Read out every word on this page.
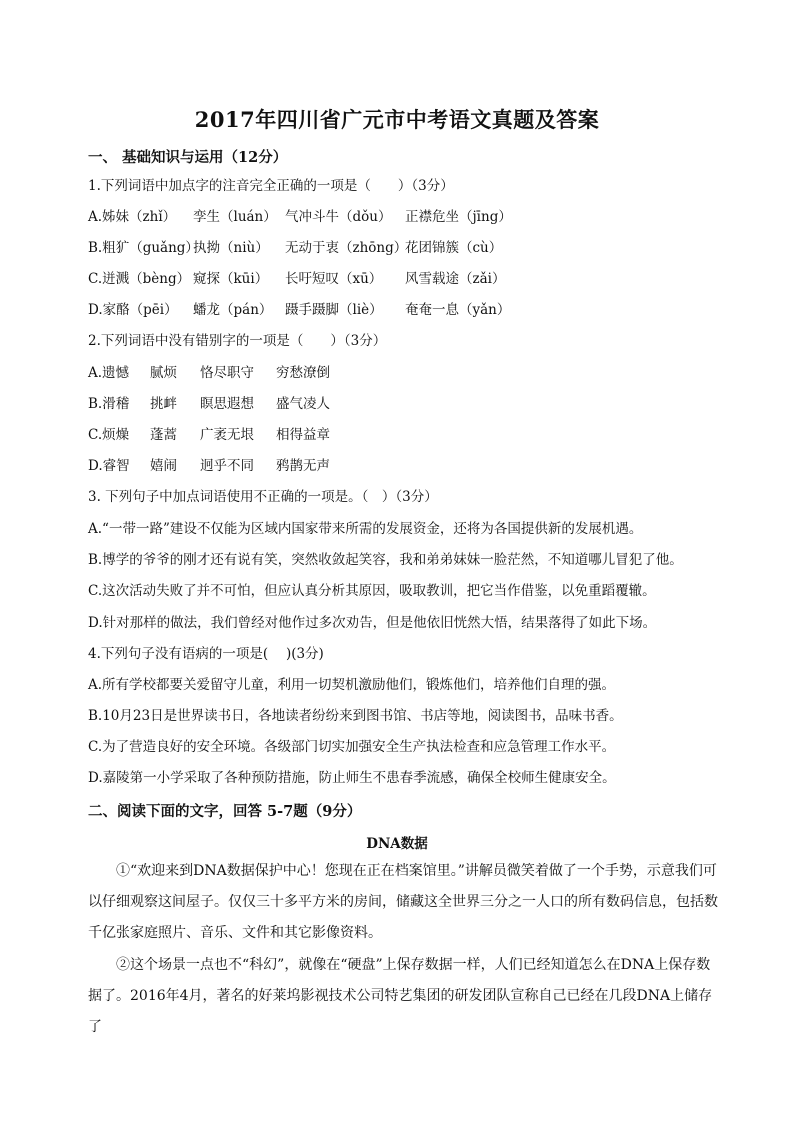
2017年四川省广元市中考语文真题及答案
一、 基础知识与运用（12分）
1.下列词语中加点字的注音完全正确的一项是（　　）（3分）
A.姊妹（zhǐ） 孪生（luán） 气冲斗牛（dǒu） 正襟危坐（jīng）
B.粗犷（guǎng）执拗（niù） 无动于衷（zhōng）花团锦簇（cù）
C.迸溅（bèng） 窥探（kūi） 长吁短叹（xū） 风雪载途（zǎi）
D.家酪（pēi） 蟠龙（pán） 蹑手蹑脚（liè） 奄奄一息（yǎn）
2.下列词语中没有错别字的一项是（　　）（3分）
A.遗憾 腻烦 恪尽职守 穷愁潦倒
B.滑稽 挑衅 瞑思遐想 盛气凌人
C.烦燥 蓬蒿 广袤无垠 相得益章
D.睿智 嬉闹 迥乎不同 鸦鹊无声
3. 下列句子中加点词语使用不正确的一项是。（　）（3分）
A.“一带一路”建设不仅能为区域内国家带来所需的发展资金，还将为各国提供新的发展机遇。
B.博学的爷爷的刚才还有说有笑，突然收敛起笑容，我和弟弟妹妹一脸茫然，不知道哪儿冒犯了他。
C.这次活动失败了并不可怕，但应认真分析其原因，吸取教训，把它当作借鉴，以免重蹈覆辙。
D.针对那样的做法，我们曾经对他作过多次劝告，但是他依旧恍然大悟，结果落得了如此下场。
4.下列句子没有语病的一项是(　 )(3分)
A.所有学校都要关爱留守儿童，利用一切契机激励他们，锻炼他们，培养他们自理的强。
B.10月23日是世界读书日，各地读者纷纷来到图书馆、书店等地，阅读图书，品味书香。
C.为了营造良好的安全环境。各级部门切实加强安全生产执法检查和应急管理工作水平。
D.嘉陵第一小学采取了各种预防措施，防止师生不患春季流感，确保全校师生健康安全。
二、阅读下面的文字，回答 5-7题（9分）
DNA数据

①“欢迎来到DNA数据保护中心！您现在正在档案馆里。”讲解员微笑着做了一个手势，示意我们可以仔细观察这间屋子。仅仅三十多平方米的房间，储藏这全世界三分之一人口的所有数码信息，包括数千亿张家庭照片、音乐、文件和其它影像资料。

②这个场景一点也不“科幻”，就像在“硬盘”上保存数据一样，人们已经知道怎么在DNA上保存数据了。2016年4月，著名的好莱坞影视技术公司特艺集团的研发团队宣称自己已经在几段DNA上储存了
